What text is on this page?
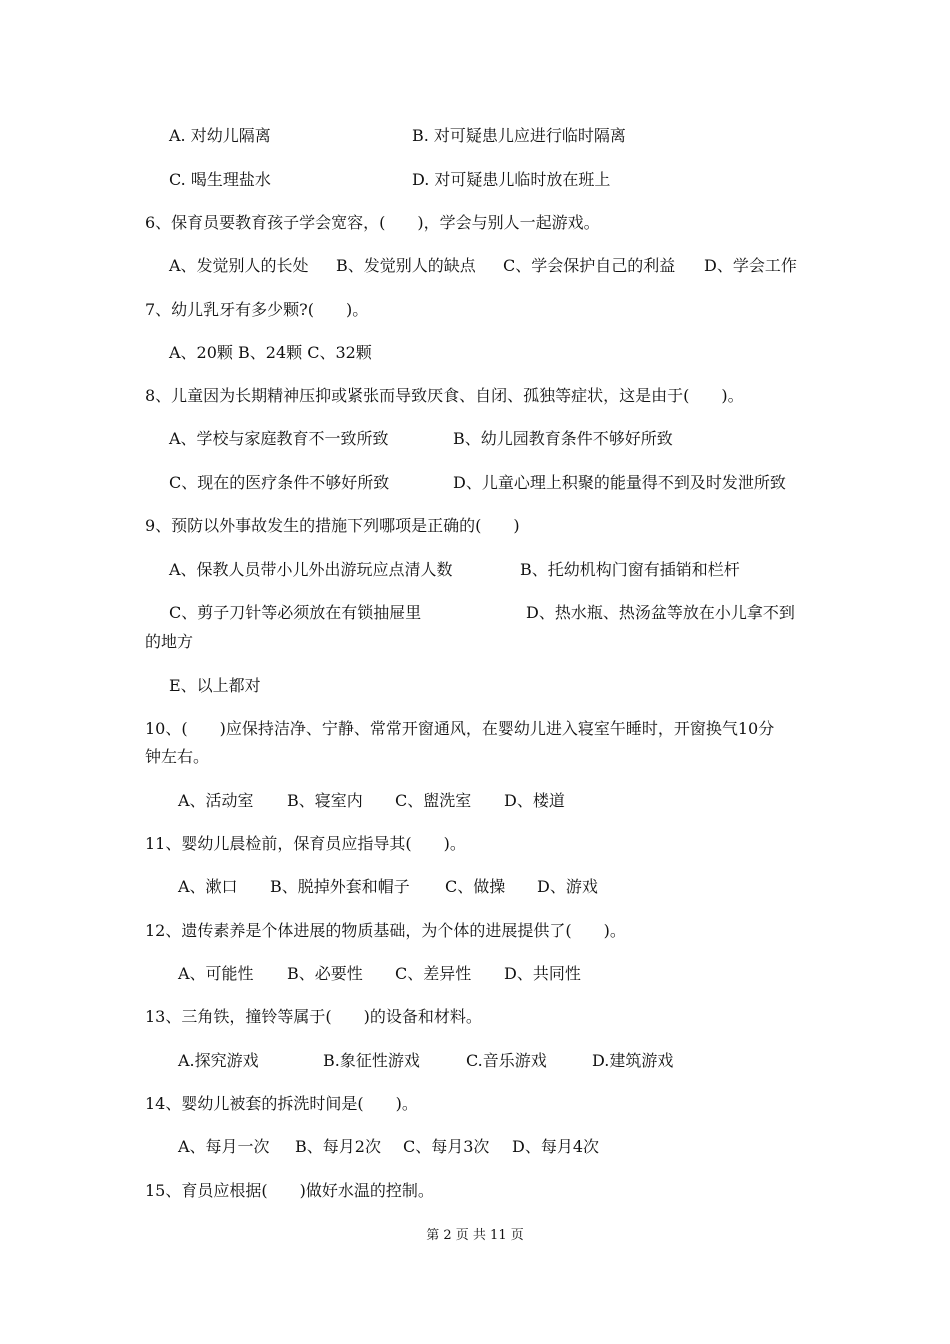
A. 对幼儿隔离	B. 对可疑患儿应进行临时隔离
C. 喝生理盐水	D. 对可疑患儿临时放在班上
6、保育员要教育孩子学会宽容，(　　)，学会与别人一起游戏。
A、发觉别人的长处 B、发觉别人的缺点 C、学会保护自己的利益 D、学会工作
7、幼儿乳牙有多少颗?(　　)。
A、20颗 B、24颗 C、32颗
8、儿童因为长期精神压抑或紧张而导致厌食、自闭、孤独等症状，这是由于(　　)。
A、学校与家庭教育不一致所致	B、幼儿园教育条件不够好所致
C、现在的医疗条件不够好所致	D、儿童心理上积聚的能量得不到及时发泄所致
9、预防以外事故发生的措施下列哪项是正确的(　　)
A、保教人员带小儿外出游玩应点清人数	B、托幼机构门窗有插销和栏杆
C、剪子刀针等必须放在有锁抽屉里	D、热水瓶、热汤盆等放在小儿拿不到
的地方
E、以上都对
10、(　　)应保持洁净、宁静、常常开窗通风，在婴幼儿进入寝室午睡时，开窗换气10分
钟左右。
A、活动室 B、寝室内 C、盥洗室 D、楼道
11、婴幼儿晨检前，保育员应指导其(　　)。
A、漱口 B、脱掉外套和帽子 C、做操 D、游戏
12、遗传素养是个体进展的物质基础，为个体的进展提供了(　　)。
A、可能性 B、必要性 C、差异性 D、共同性
13、三角铁，撞铃等属于(　　)的设备和材料。
A.探究游戏	B.象征性游戏	C.音乐游戏	D.建筑游戏
14、婴幼儿被套的拆洗时间是(　　)。
A、每月一次 B、每月2次 C、每月3次 D、每月4次
15、育员应根据(　　)做好水温的控制。
第 2 页 共 11 页
